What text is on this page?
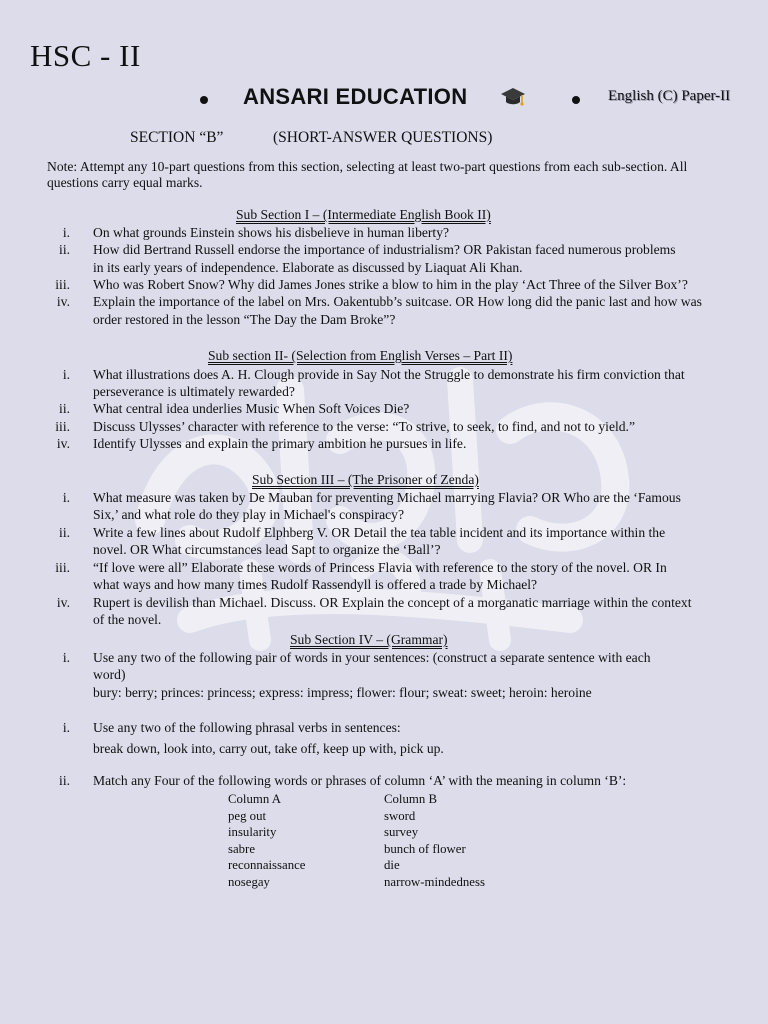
HSC - II
ANSARI EDUCATION	English (C) Paper-II
SECTION “B”	(SHORT-ANSWER QUESTIONS)
Note: Attempt any 10-part questions from this section, selecting at least two-part questions from each sub-section. All questions carry equal marks.
Sub Section I – (Intermediate English Book II)
i. On what grounds Einstein shows his disbelieve in human liberty?
ii. How did Bertrand Russell endorse the importance of industrialism? OR Pakistan faced numerous problems
in its early years of independence. Elaborate as discussed by Liaquat Ali Khan.
iii. Who was Robert Snow? Why did James Jones strike a blow to him in the play ‘Act Three of the Silver Box’?
iv. Explain the importance of the label on Mrs. Oakentubb’s suitcase. OR How long did the panic last and how was
order restored in the lesson “The Day the Dam Broke”?
Sub section II- (Selection from English Verses – Part II)
i. What illustrations does A. H. Clough provide in Say Not the Struggle to demonstrate his firm conviction that
perseverance is ultimately rewarded?
ii. What central idea underlies Music When Soft Voices Die?
iii. Discuss Ulysses’ character with reference to the verse: “To strive, to seek, to find, and not to yield.”
iv. Identify Ulysses and explain the primary ambition he pursues in life.
Sub Section III – (The Prisoner of Zenda)
i. What measure was taken by De Mauban for preventing Michael marrying Flavia? OR Who are the ‘Famous
Six,’ and what role do they play in Michael's conspiracy?
ii. Write a few lines about Rudolf Elphberg V. OR Detail the tea table incident and its importance within the
novel. OR What circumstances lead Sapt to organize the ‘Ball’?
iii. “If love were all” Elaborate these words of Princess Flavia with reference to the story of the novel. OR In
what ways and how many times Rudolf Rassendyll is offered a trade by Michael?
iv. Rupert is devilish than Michael. Discuss. OR Explain the concept of a morganatic marriage within the context
of the novel.
Sub Section IV – (Grammar)
i. Use any two of the following pair of words in your sentences: (construct a separate sentence with each
word)
bury: berry; princes: princess; express: impress; flower: flour; sweat: sweet; heroin: heroine
i. Use any two of the following phrasal verbs in sentences:
break down, look into, carry out, take off, keep up with, pick up.
ii. Match any Four of the following words or phrases of column ‘A’ with the meaning in column ‘B’:
Column A
peg out
insularity
sabre
reconnaissance
nosegay
Column B
sword
survey
bunch of flower
die
narrow-mindedness
